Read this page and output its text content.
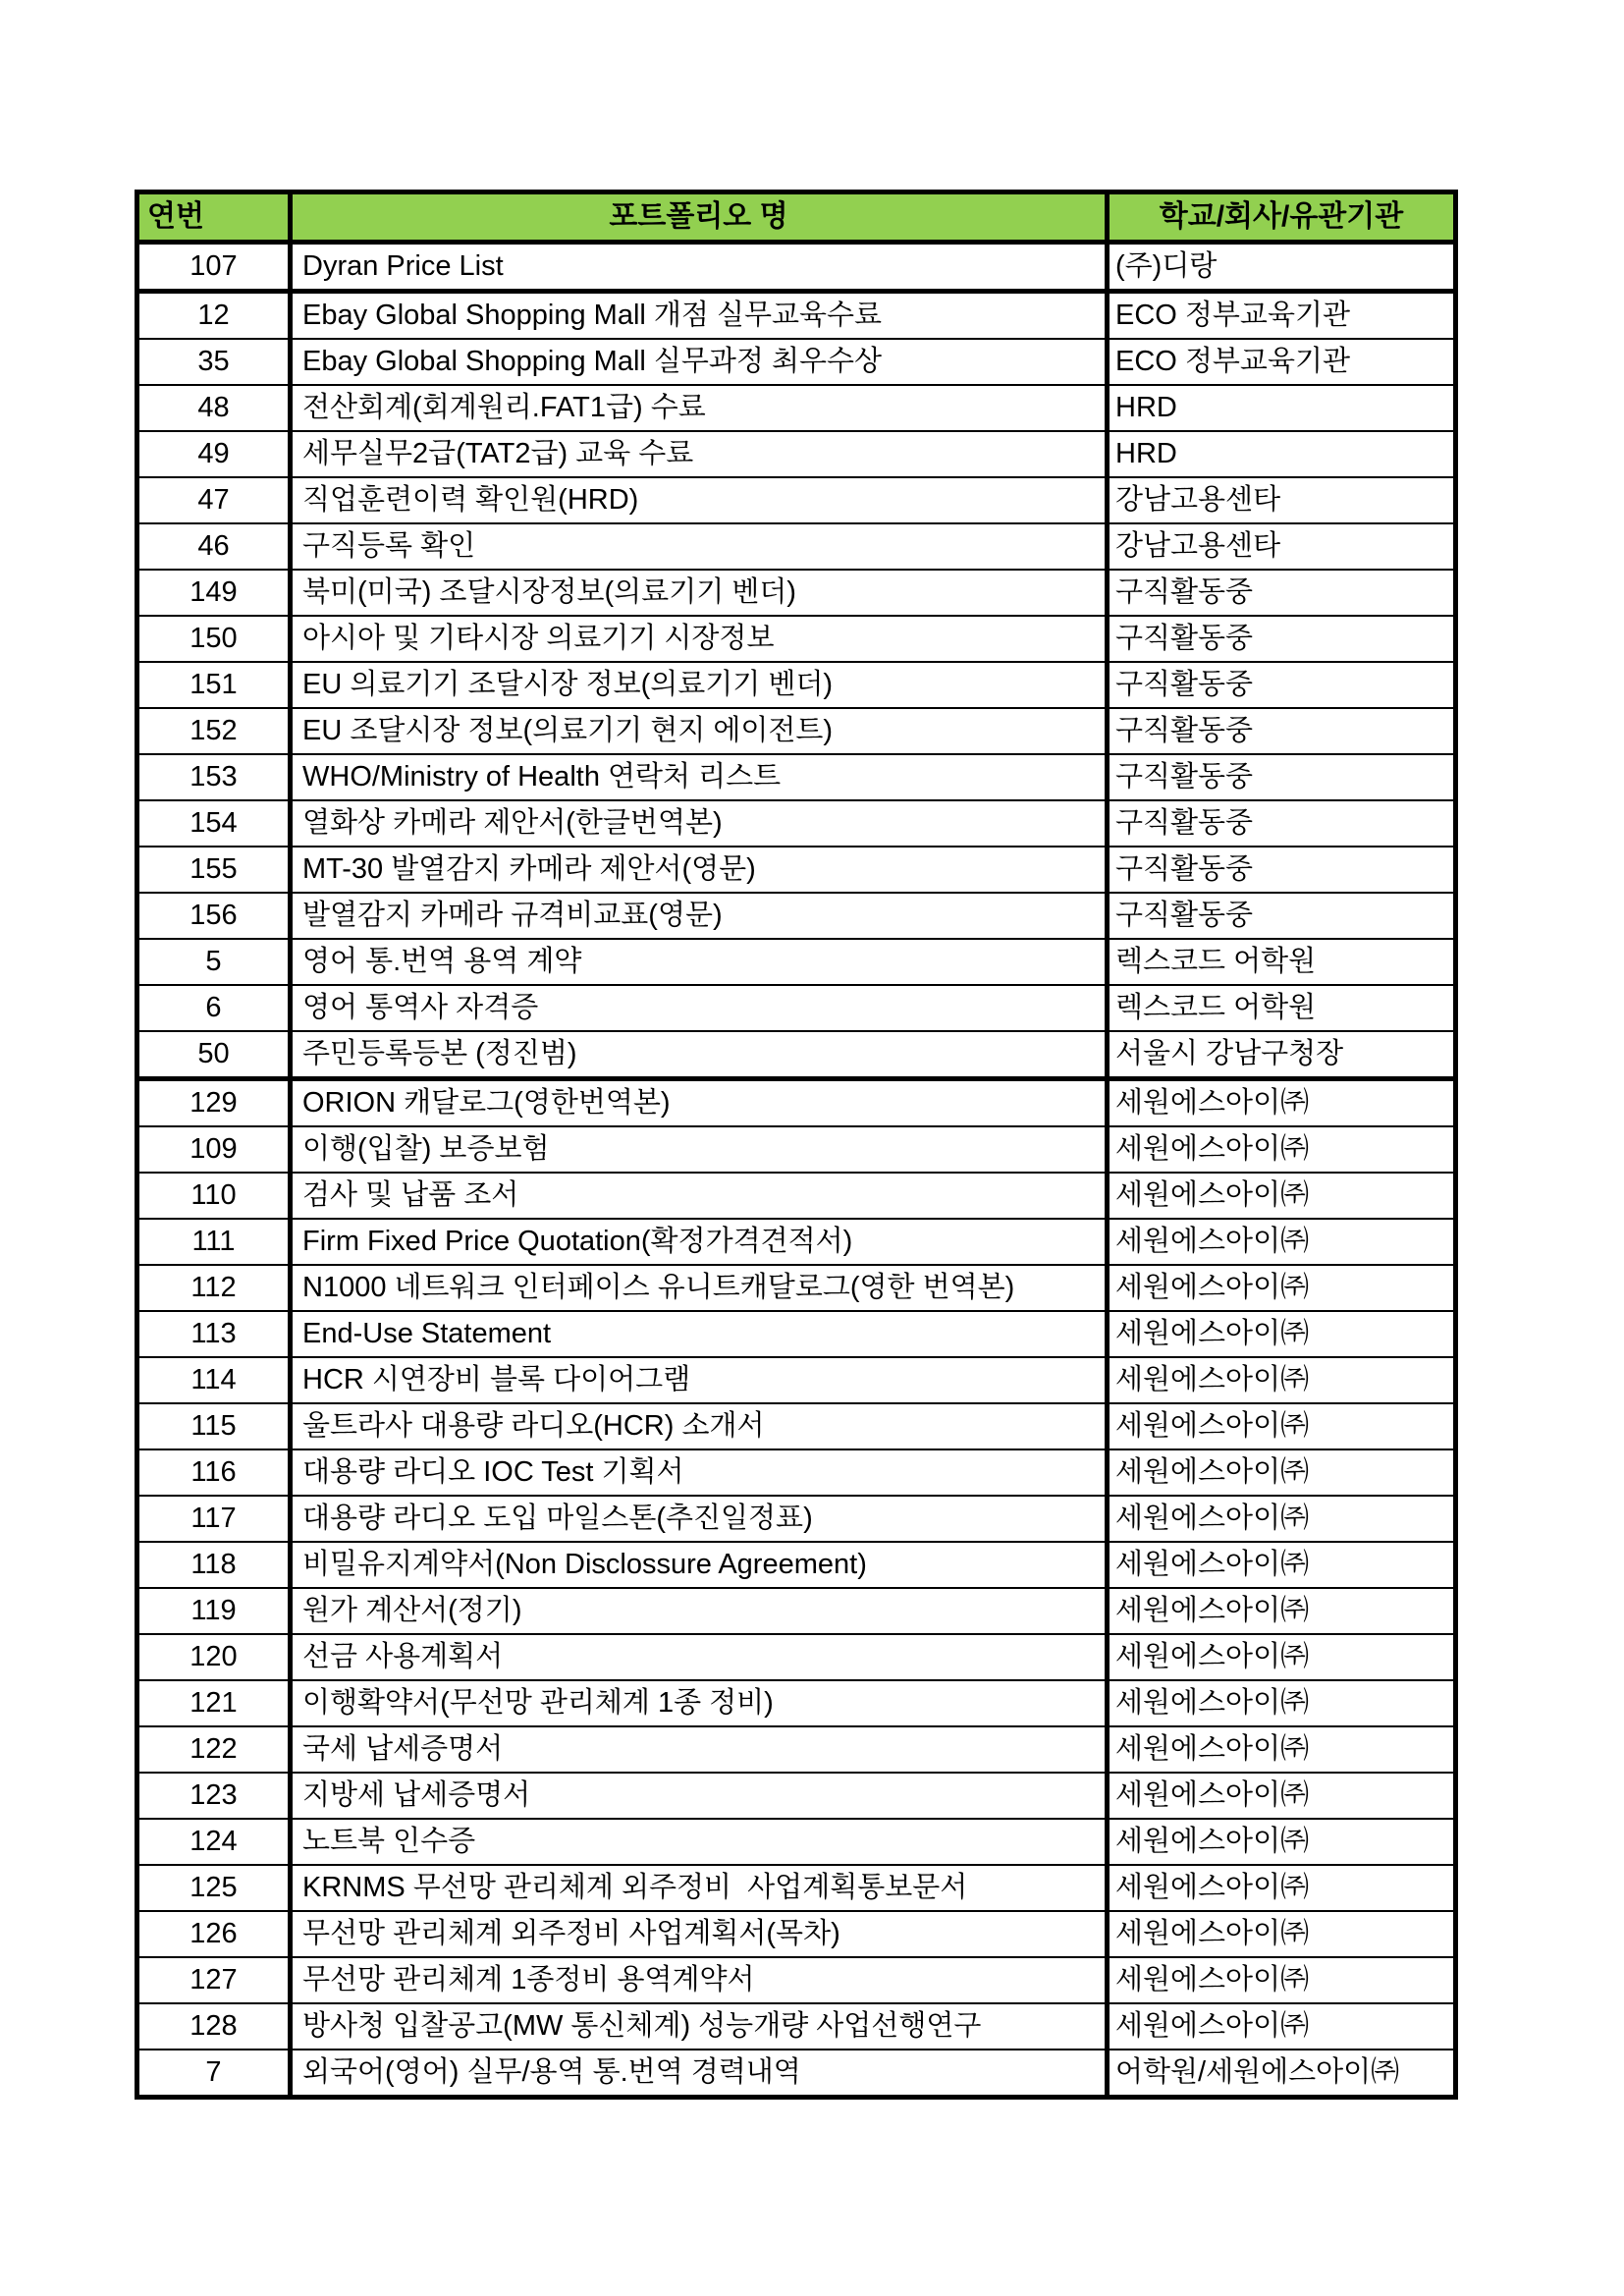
연번	포트폴리오 명	학교/회사/유관기관
107	Dyran Price List	(주)디랑
12	Ebay Global Shopping Mall 개점 실무교육수료	ECO 정부교육기관
35	Ebay Global Shopping Mall 실무과정 최우수상	ECO 정부교육기관
48	전산회계(회계원리.FAT1급) 수료	HRD
49	세무실무2급(TAT2급) 교육 수료	HRD
47	직업훈련이력 확인원(HRD)	강남고용센타
46	구직등록 확인	강남고용센타
149	북미(미국) 조달시장정보(의료기기 벤더)	구직활동중
150	아시아 및 기타시장 의료기기 시장정보	구직활동중
151	EU 의료기기 조달시장 정보(의료기기 벤더)	구직활동중
152	EU 조달시장 정보(의료기기 현지 에이전트)	구직활동중
153	WHO/Ministry of Health 연락처 리스트	구직활동중
154	열화상 카메라 제안서(한글번역본)	구직활동중
155	MT-30 발열감지 카메라 제안서(영문)	구직활동중
156	발열감지 카메라 규격비교표(영문)	구직활동중
5	영어 통.번역 용역 계약	렉스코드 어학원
6	영어 통역사 자격증	렉스코드 어학원
50	주민등록등본 (정진범)	서울시 강남구청장
129	ORION 캐달로그(영한번역본)	세원에스아이㈜
109	이행(입찰) 보증보험	세원에스아이㈜
110	검사 및 납품 조서	세원에스아이㈜
111	Firm Fixed Price Quotation(확정가격견적서)	세원에스아이㈜
112	N1000 네트워크 인터페이스 유니트캐달로그(영한 번역본)	세원에스아이㈜
113	End-Use Statement	세원에스아이㈜
114	HCR 시연장비 블록 다이어그램	세원에스아이㈜
115	울트라사 대용량 라디오(HCR) 소개서	세원에스아이㈜
116	대용량 라디오 IOC Test 기획서	세원에스아이㈜
117	대용량 라디오 도입 마일스톤(추진일정표)	세원에스아이㈜
118	비밀유지계약서(Non Disclossure Agreement)	세원에스아이㈜
119	원가 계산서(정기)	세원에스아이㈜
120	선금 사용계획서	세원에스아이㈜
121	이행확약서(무선망 관리체계 1종 정비)	세원에스아이㈜
122	국세 납세증명서	세원에스아이㈜
123	지방세 납세증명서	세원에스아이㈜
124	노트북 인수증	세원에스아이㈜
125	KRNMS 무선망 관리체계 외주정비  사업계획통보문서	세원에스아이㈜
126	무선망 관리체계 외주정비 사업계획서(목차)	세원에스아이㈜
127	무선망 관리체계 1종정비 용역계약서	세원에스아이㈜
128	방사청 입찰공고(MW 통신체계) 성능개량 사업선행연구	세원에스아이㈜
7	외국어(영어) 실무/용역 통.번역 경력내역	어학원/세원에스아이㈜
